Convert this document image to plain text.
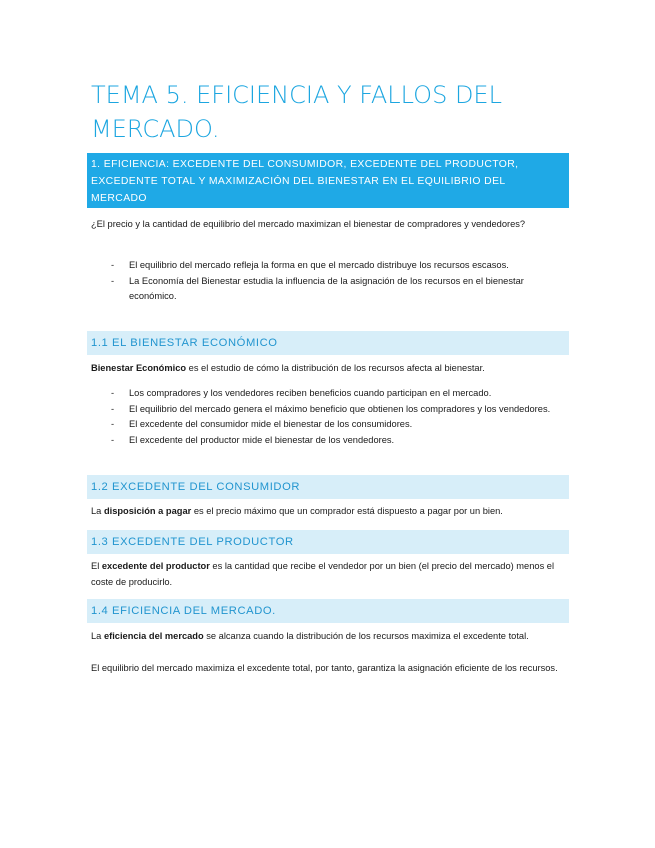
TEMA 5. EFICIENCIA Y FALLOS DEL MERCADO.
1. EFICIENCIA: EXCEDENTE DEL CONSUMIDOR, EXCEDENTE DEL PRODUCTOR, EXCEDENTE TOTAL Y MAXIMIZACIÓN DEL BIENESTAR EN EL EQUILIBRIO DEL MERCADO
¿El precio y la cantidad de equilibrio del mercado maximizan el bienestar de compradores y vendedores?
- El equilibrio del mercado refleja la forma en que el mercado distribuye los recursos escasos.
- La Economía del Bienestar estudia la influencia de la asignación de los recursos en el bienestar económico.
1.1 EL BIENESTAR ECONÓMICO
Bienestar Económico es el estudio de cómo la distribución de los recursos afecta al bienestar.
- Los compradores y los vendedores reciben beneficios cuando participan en el mercado.
- El equilibrio del mercado genera el máximo beneficio que obtienen los compradores y los vendedores.
- El excedente del consumidor mide el bienestar de los consumidores.
- El excedente del productor mide el bienestar de los vendedores.
1.2 EXCEDENTE DEL CONSUMIDOR
La disposición a pagar es el precio máximo que un comprador está dispuesto a pagar por un bien.
1.3 EXCEDENTE DEL PRODUCTOR
El excedente del productor es la cantidad que recibe el vendedor por un bien (el precio del mercado) menos el coste de producirlo.
1.4 EFICIENCIA DEL MERCADO.
La eficiencia del mercado se alcanza cuando la distribución de los recursos maximiza el excedente total.
El equilibrio del mercado maximiza el excedente total, por tanto, garantiza la asignación eficiente de los recursos.
